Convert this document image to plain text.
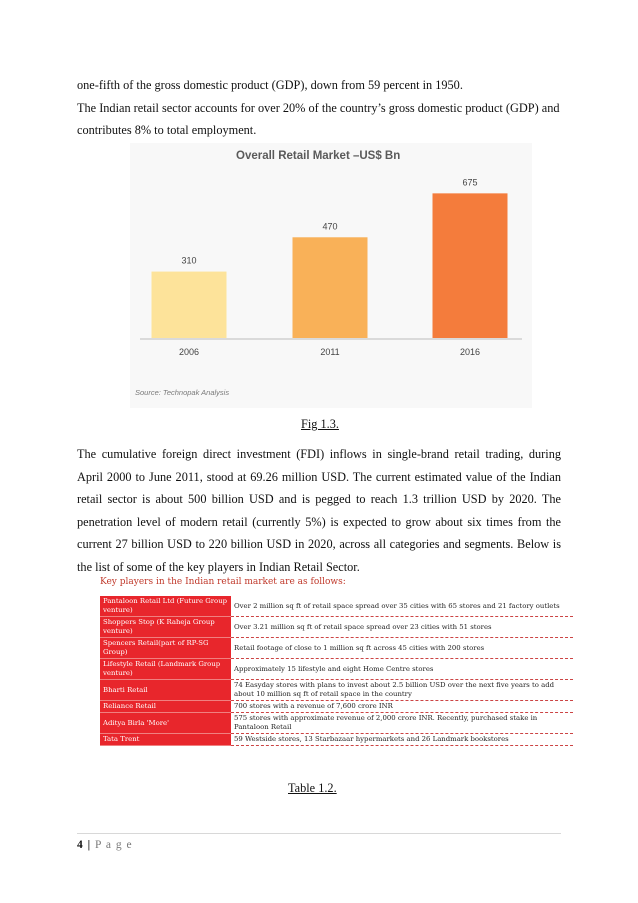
one-fifth of the gross domestic product (GDP), down from 59 percent in 1950.
The Indian retail sector accounts for over 20% of the country’s gross domestic product (GDP) and contributes 8% to total employment.

310
2006
470
2011
675
2016
Overall Retail Market –US$ Bn
Source: Technopak Analysis
Fig 1.3.

The cumulative foreign direct investment (FDI) inflows in single-brand retail trading, during April 2000 to June 2011, stood at 69.26 million USD. The current estimated value of the Indian retail sector is about 500 billion USD and is pegged to reach 1.3 trillion USD by 2020. The penetration level of modern retail (currently 5%) is expected to grow about six times from the current 27 billion USD to 220 billion USD in 2020, across all categories and segments. Below is the list of some of the key players in Indian Retail Sector.

Key players in the Indian retail market are as follows:
Pantaloon Retail Ltd (Future Group venture)	Over 2 million sq ft of retail space spread over 35 cities with 65 stores and 21 factory outlets
Shoppers Stop (K Raheja Group venture)	Over 3.21 million sq ft of retail space spread over 23 cities with 51 stores
Spencers Retail(part of RP-SG Group)	Retail footage of close to 1 million sq ft across 45 cities with 200 stores
Lifestyle Retail (Landmark Group venture)	Approximately 15 lifestyle and eight Home Centre stores
Bharti Retail	74 Easyday stores with plans to invest about 2.5 billion USD over the next five years to add about 10 million sq ft of retail space in the country
Reliance Retail	700 stores with a revenue of 7,600 crore INR
Aditya Birla 'More'	575 stores with approximate revenue of 2,000 crore INR. Recently, purchased stake in Pantaloon Retail
Tata Trent	59 Westside stores, 13 Starbazaar hypermarkets and 26 Landmark bookstores
Table 1.2.
4 | P a g e
